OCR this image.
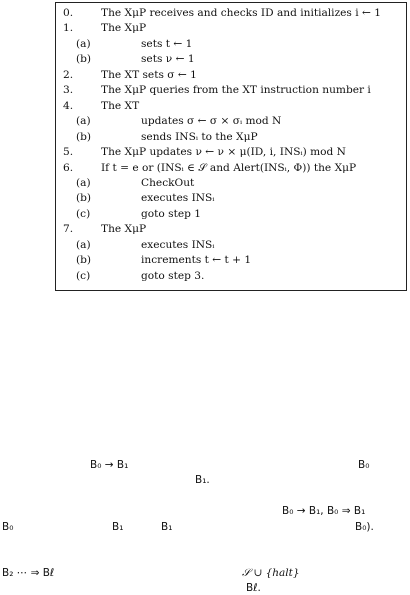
0.	The XμP receives and checks ID and initializes i ← 1
1.	The XμP
(a)	sets t ← 1
(b)	sets ν ← 1
2.	The XT sets σ ← 1
3.	The XμP queries from the XT instruction number i
4.	The XT
(a)	updates σ ← σ × σᵢ mod N
(b)	sends INSᵢ to the XμP
5.	The XμP updates ν ← ν × μ(ID, i, INSᵢ) mod N
6.	If t = e or (INSᵢ ∈ 𝒮 and Alert(INSᵢ, Φ)) the XμP
(a)	CheckOut
(b)	executes INSᵢ
(c)	goto step 1
7.	The XμP
(a)	executes INSᵢ
(b)	increments t ← t + 1
(c)	goto step 3.
B₀ → B₁	B₀
B₁.
B₀ → B₁, B₀ ⇒ B₁
B₀	B₁	B₁	B₀).
B₂ ⋯ ⇒ Bℓ	𝒮 ∪ {halt}
Bℓ.
